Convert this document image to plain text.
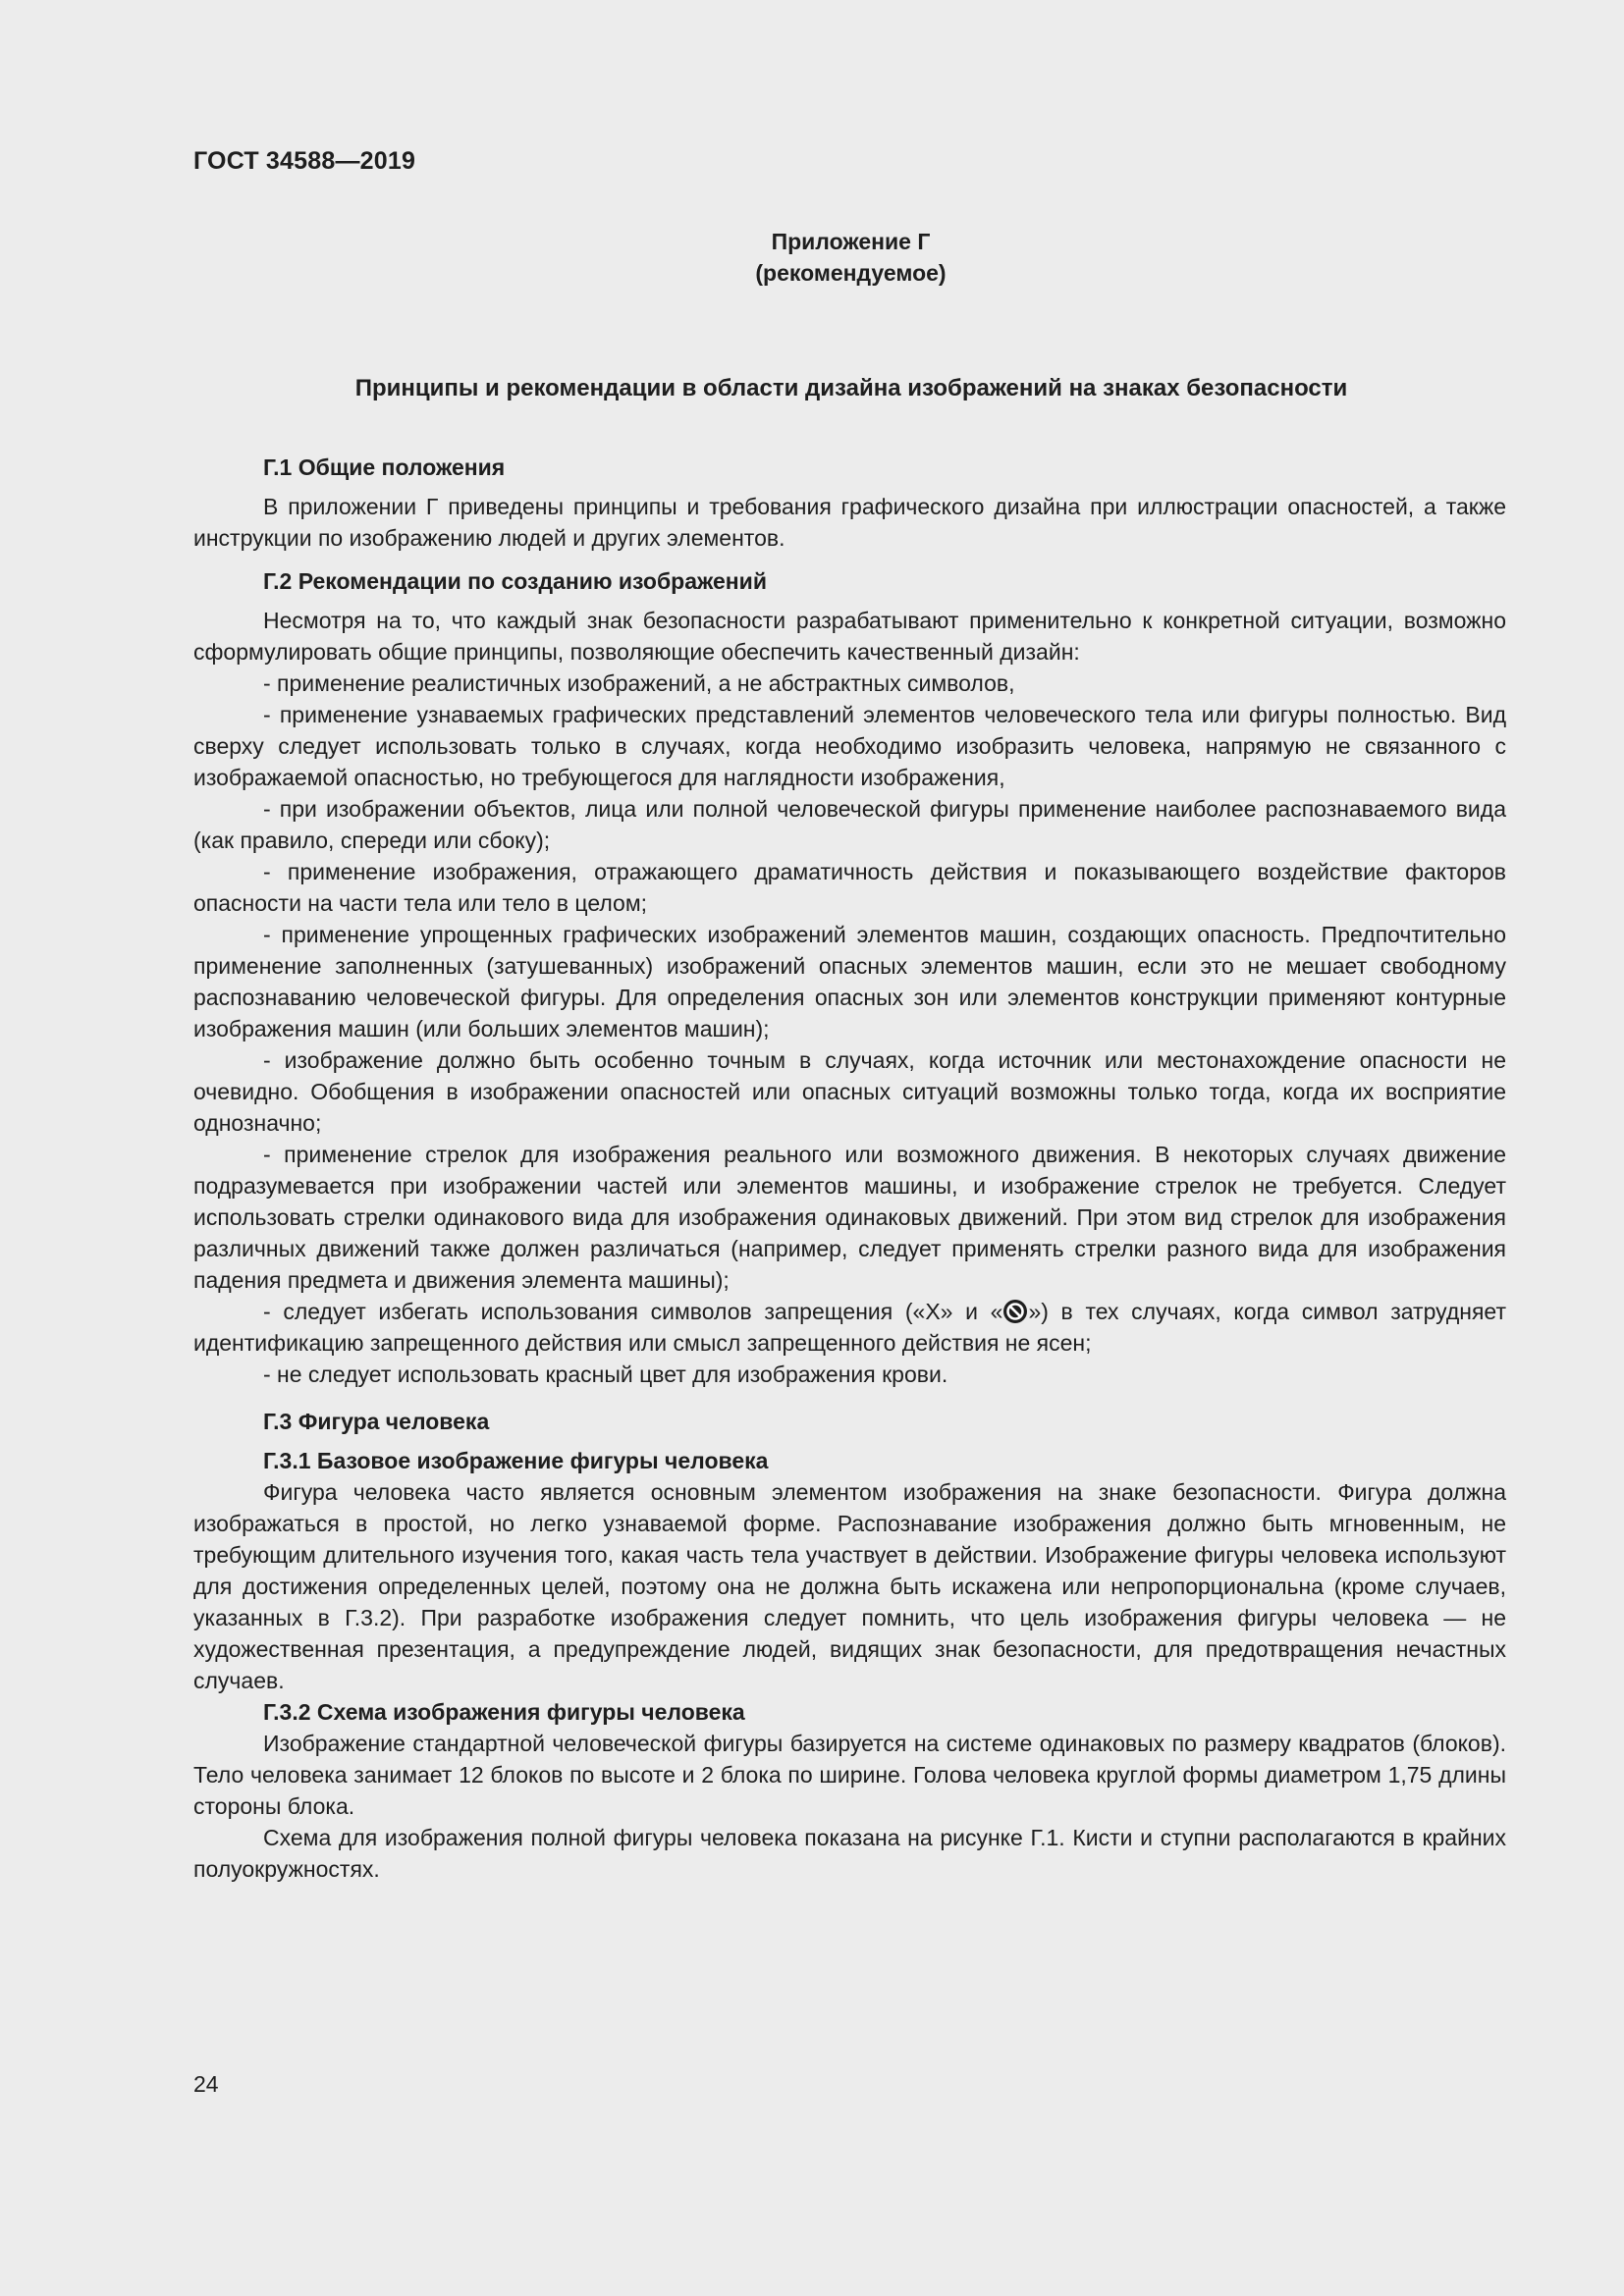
ГОСТ 34588—2019
Приложение Г
(рекомендуемое)
Принципы и рекомендации в области дизайна изображений на знаках безопасности
Г.1 Общие положения

В приложении Г приведены принципы и требования графического дизайна при иллюстрации опасностей, а также инструкции по изображению людей и других элементов.

Г.2 Рекомендации по созданию изображений

Несмотря на то, что каждый знак безопасности разрабатывают применительно к конкретной ситуации, возможно сформулировать общие принципы, позволяющие обеспечить качественный дизайн:

- применение реалистичных изображений, а не абстрактных символов,

- применение узнаваемых графических представлений элементов человеческого тела или фигуры полностью. Вид сверху следует использовать только в случаях, когда необходимо изобразить человека, напрямую не связанного с изображаемой опасностью, но требующегося для наглядности изображения,

- при изображении объектов, лица или полной человеческой фигуры применение наиболее распознаваемого вида (как правило, спереди или сбоку);

- применение изображения, отражающего драматичность действия и показывающего воздействие факторов опасности на части тела или тело в целом;

- применение упрощенных графических изображений элементов машин, создающих опасность. Предпочтительно применение заполненных (затушеванных) изображений опасных элементов машин, если это не мешает свободному распознаванию человеческой фигуры. Для определения опасных зон или элементов конструкции применяют контурные изображения машин (или больших элементов машин);

- изображение должно быть особенно точным в случаях, когда источник или местонахождение опасности не очевидно. Обобщения в изображении опасностей или опасных ситуаций возможны только тогда, когда их восприятие однозначно;

- применение стрелок для изображения реального или возможного движения. В некоторых случаях движение подразумевается при изображении частей или элементов машины, и изображение стрелок не требуется. Следует использовать стрелки одинакового вида для изображения одинаковых движений. При этом вид стрелок для изображения различных движений также должен различаться (например, следует применять стрелки разного вида для изображения падения предмета и движения элемента машины);

- следует избегать использования символов запрещения («X» и « ») в тех случаях, когда символ затрудняет идентификацию запрещенного действия или смысл запрещенного действия не ясен;

- не следует использовать красный цвет для изображения крови.

Г.3 Фигура человека
Г.3.1 Базовое изображение фигуры человека

Фигура человека часто является основным элементом изображения на знаке безопасности. Фигура должна изображаться в простой, но легко узнаваемой форме. Распознавание изображения должно быть мгновенным, не требующим длительного изучения того, какая часть тела участвует в действии. Изображение фигуры человека используют для достижения определенных целей, поэтому она не должна быть искажена или непропорциональна (кроме случаев, указанных в Г.3.2). При разработке изображения следует помнить, что цель изображения фигуры человека — не художественная презентация, а предупреждение людей, видящих знак безопасности, для предотвращения нечастных случаев.

Г.3.2 Схема изображения фигуры человека

Изображение стандартной человеческой фигуры базируется на системе одинаковых по размеру квадратов (блоков). Тело человека занимает 12 блоков по высоте и 2 блока по ширине. Голова человека круглой формы диаметром 1,75 длины стороны блока.

Схема для изображения полной фигуры человека показана на рисунке Г.1. Кисти и ступни располагаются в крайних полуокружностях.

24
